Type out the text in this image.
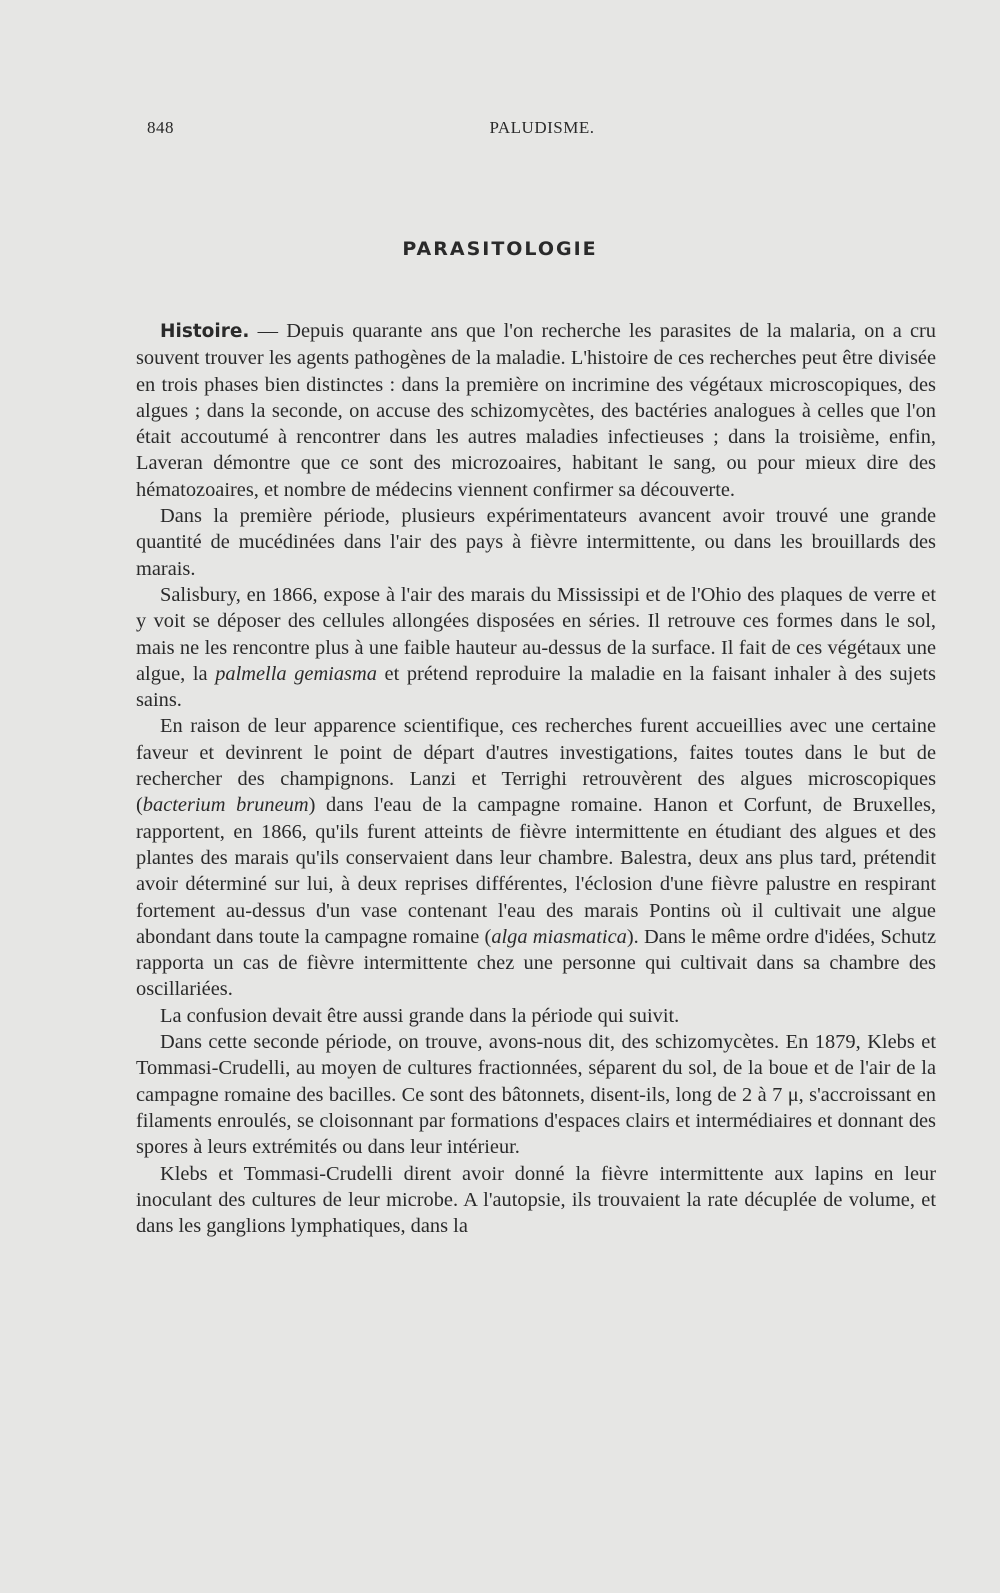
848	PALUDISME.
PARASITOLOGIE

Histoire. — Depuis quarante ans que l'on recherche les parasites de la malaria, on a cru souvent trouver les agents pathogènes de la maladie. L'histoire de ces recherches peut être divisée en trois phases bien distinctes : dans la première on incrimine des végétaux microscopiques, des algues ; dans la seconde, on accuse des schizomycètes, des bactéries analogues à celles que l'on était accoutumé à rencontrer dans les autres maladies infectieuses ; dans la troisième, enfin, Laveran démontre que ce sont des microzoaires, habitant le sang, ou pour mieux dire des hématozoaires, et nombre de médecins viennent confirmer sa découverte.

Dans la première période, plusieurs expérimentateurs avancent avoir trouvé une grande quantité de mucédinées dans l'air des pays à fièvre intermittente, ou dans les brouillards des marais.

Salisbury, en 1866, expose à l'air des marais du Mississipi et de l'Ohio des plaques de verre et y voit se déposer des cellules allongées disposées en séries. Il retrouve ces formes dans le sol, mais ne les rencontre plus à une faible hauteur au-dessus de la surface. Il fait de ces végétaux une algue, la palmella gemiasma et prétend reproduire la maladie en la faisant inhaler à des sujets sains.

En raison de leur apparence scientifique, ces recherches furent accueillies avec une certaine faveur et devinrent le point de départ d'autres investigations, faites toutes dans le but de rechercher des champignons. Lanzi et Terrighi retrouvèrent des algues microscopiques (bacterium bruneum) dans l'eau de la campagne romaine. Hanon et Corfunt, de Bruxelles, rapportent, en 1866, qu'ils furent atteints de fièvre intermittente en étudiant des algues et des plantes des marais qu'ils conservaient dans leur chambre. Balestra, deux ans plus tard, prétendit avoir déterminé sur lui, à deux reprises différentes, l'éclosion d'une fièvre palustre en respirant fortement au-dessus d'un vase contenant l'eau des marais Pontins où il cultivait une algue abondant dans toute la campagne romaine (alga miasmatica). Dans le même ordre d'idées, Schutz rapporta un cas de fièvre intermittente chez une personne qui cultivait dans sa chambre des oscillariées.

La confusion devait être aussi grande dans la période qui suivit.

Dans cette seconde période, on trouve, avons-nous dit, des schizomycètes. En 1879, Klebs et Tommasi-Crudelli, au moyen de cultures fractionnées, séparent du sol, de la boue et de l'air de la campagne romaine des bacilles. Ce sont des bâtonnets, disent-ils, long de 2 à 7 μ, s'accroissant en filaments enroulés, se cloisonnant par formations d'espaces clairs et intermédiaires et donnant des spores à leurs extrémités ou dans leur intérieur.

Klebs et Tommasi-Crudelli dirent avoir donné la fièvre intermittente aux lapins en leur inoculant des cultures de leur microbe. A l'autopsie, ils trouvaient la rate décuplée de volume, et dans les ganglions lymphatiques, dans la
